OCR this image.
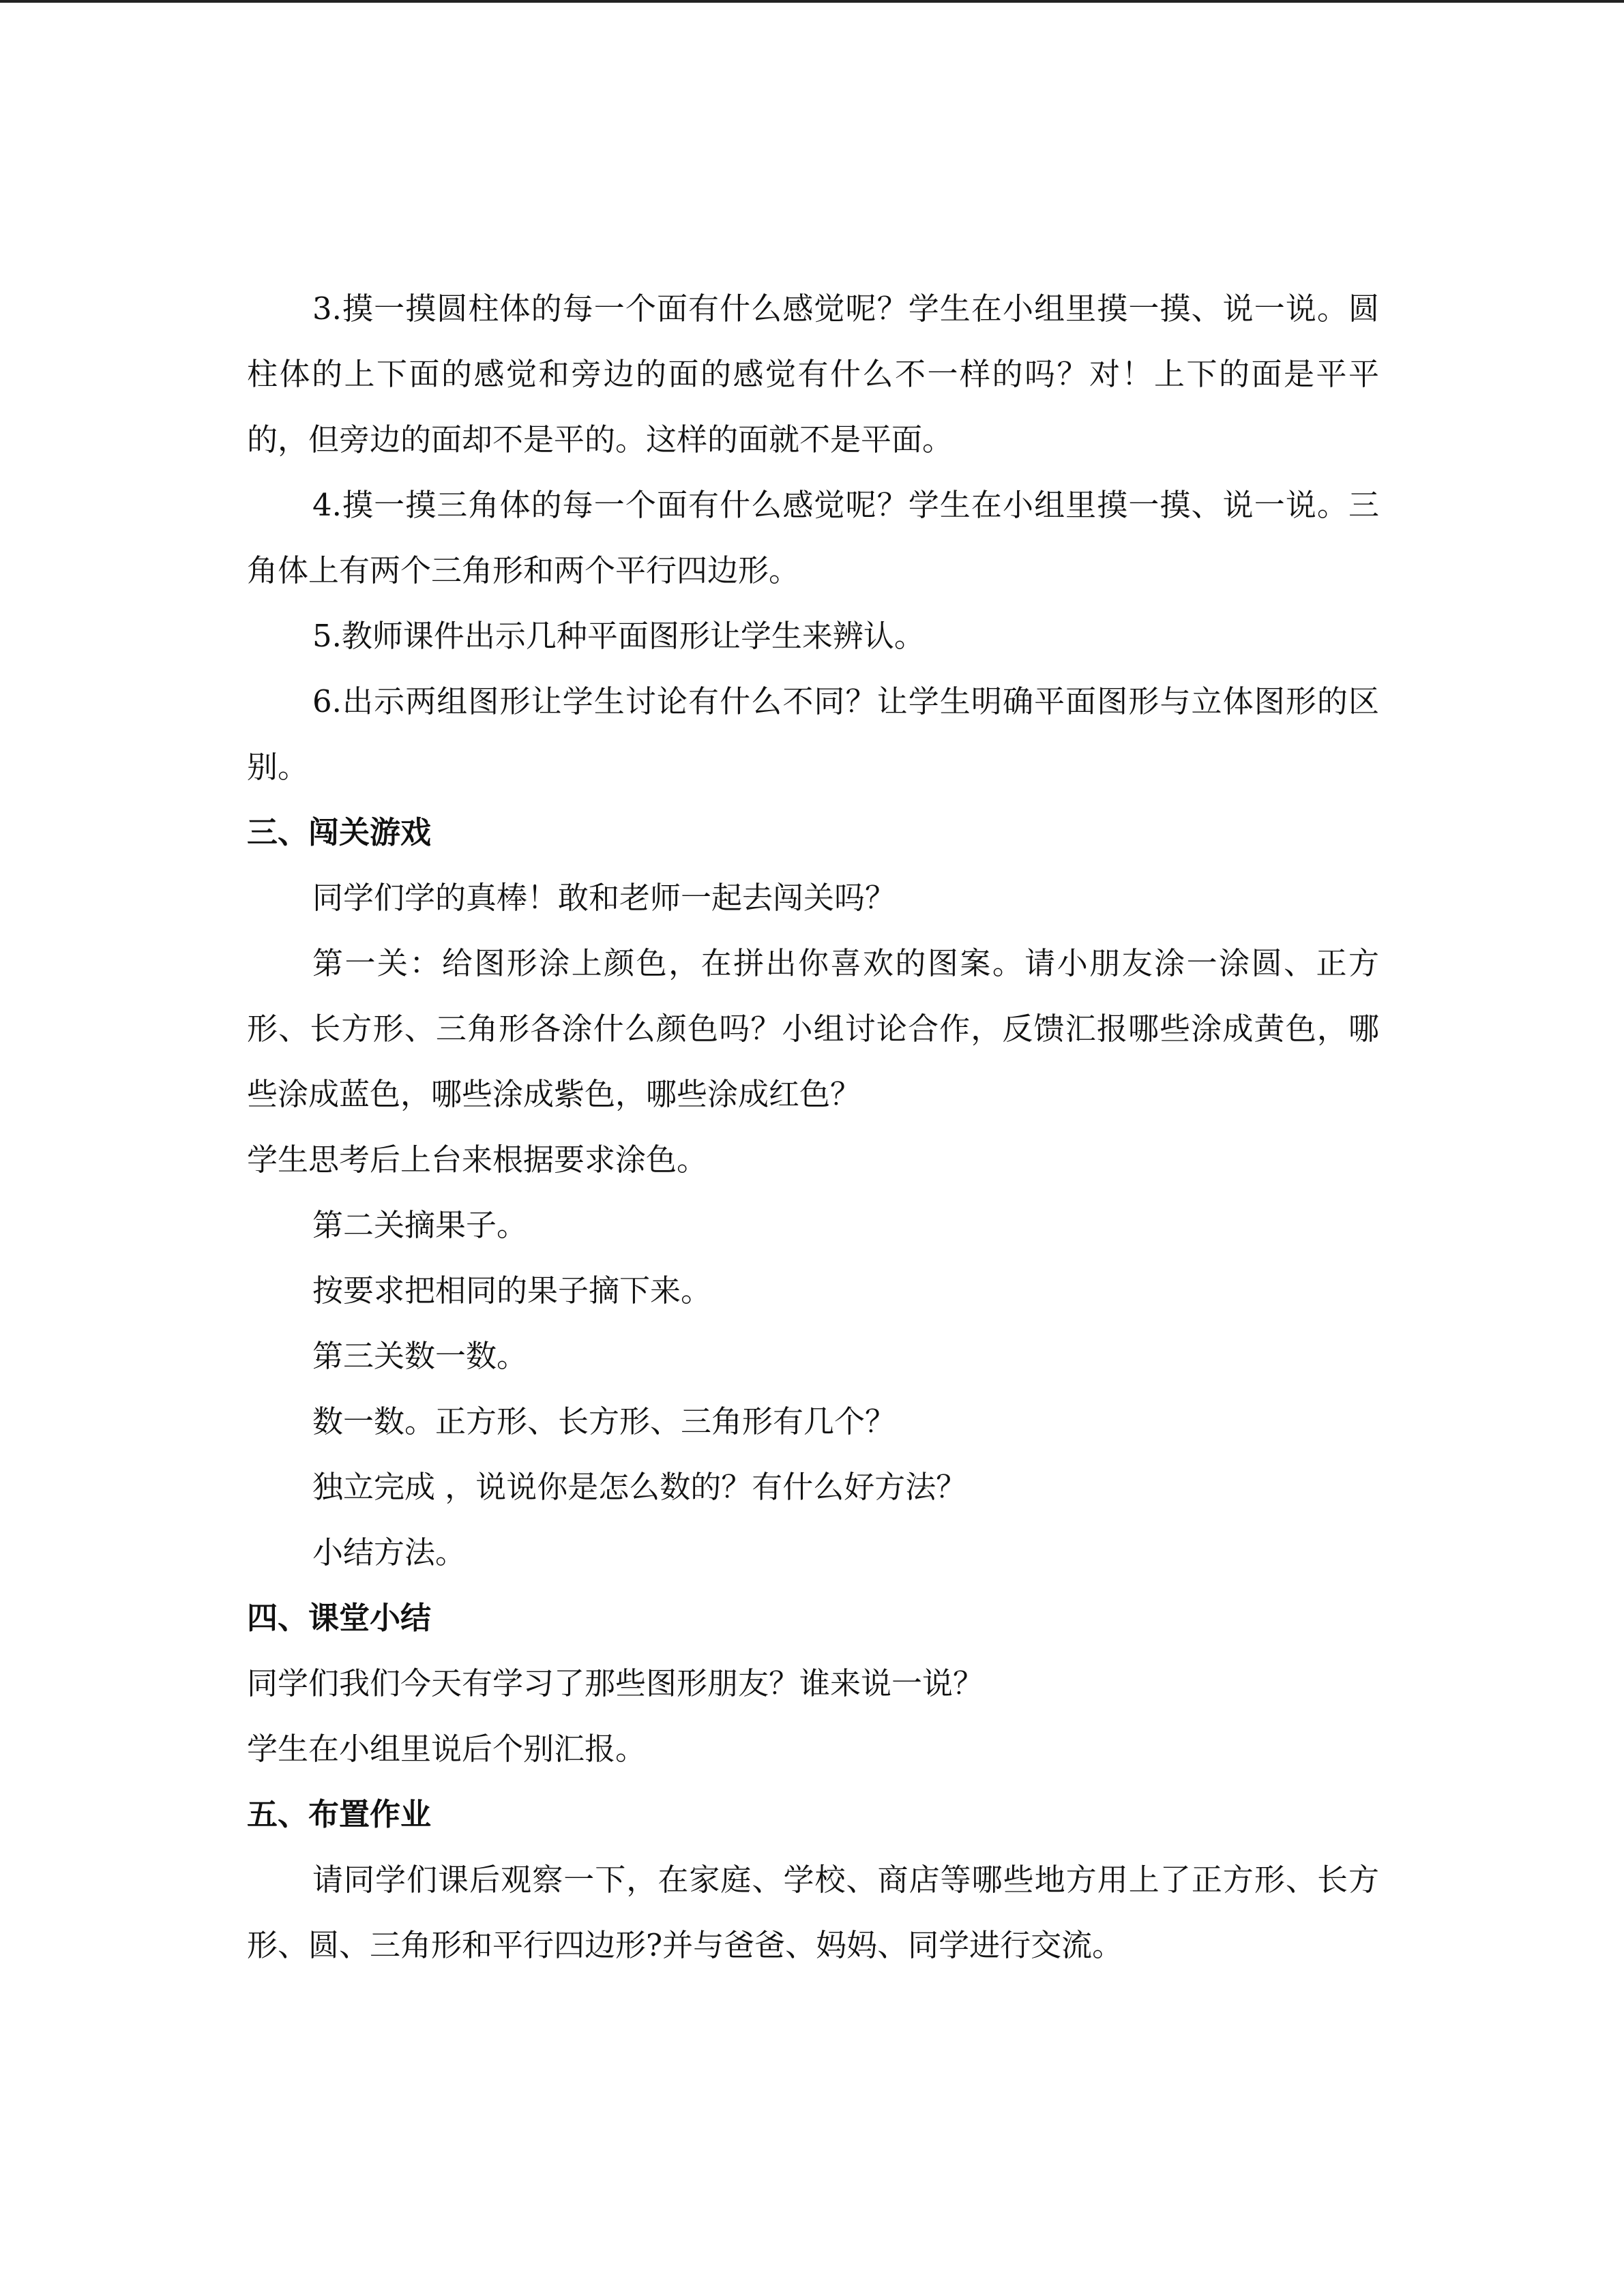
3.摸一摸圆柱体的每一个面有什么感觉呢？学生在小组里摸一摸、说一说。圆柱体的上下面的感觉和旁边的面的感觉有什么不一样的吗？对！上下的面是平平的，但旁边的面却不是平的。这样的面就不是平面。

4.摸一摸三角体的每一个面有什么感觉呢？学生在小组里摸一摸、说一说。三角体上有两个三角形和两个平行四边形。

5.教师课件出示几种平面图形让学生来辨认。

6.出示两组图形让学生讨论有什么不同？让学生明确平面图形与立体图形的区别。

三、闯关游戏

同学们学的真棒！敢和老师一起去闯关吗？

第一关：给图形涂上颜色，在拼出你喜欢的图案。请小朋友涂一涂圆、正方形、长方形、三角形各涂什么颜色吗？小组讨论合作，反馈汇报哪些涂成黄色，哪些涂成蓝色，哪些涂成紫色，哪些涂成红色？

学生思考后上台来根据要求涂色。

第二关摘果子。

按要求把相同的果子摘下来。

第三关数一数。

数一数。正方形、长方形、三角形有几个？

独立完成 ，说说你是怎么数的？有什么好方法？

小结方法。

四、课堂小结

同学们我们今天有学习了那些图形朋友？谁来说一说？

学生在小组里说后个别汇报。

五、布置作业

请同学们课后观察一下，在家庭、学校、商店等哪些地方用上了正方形、长方形、圆、三角形和平行四边形?并与爸爸、妈妈、同学进行交流。
